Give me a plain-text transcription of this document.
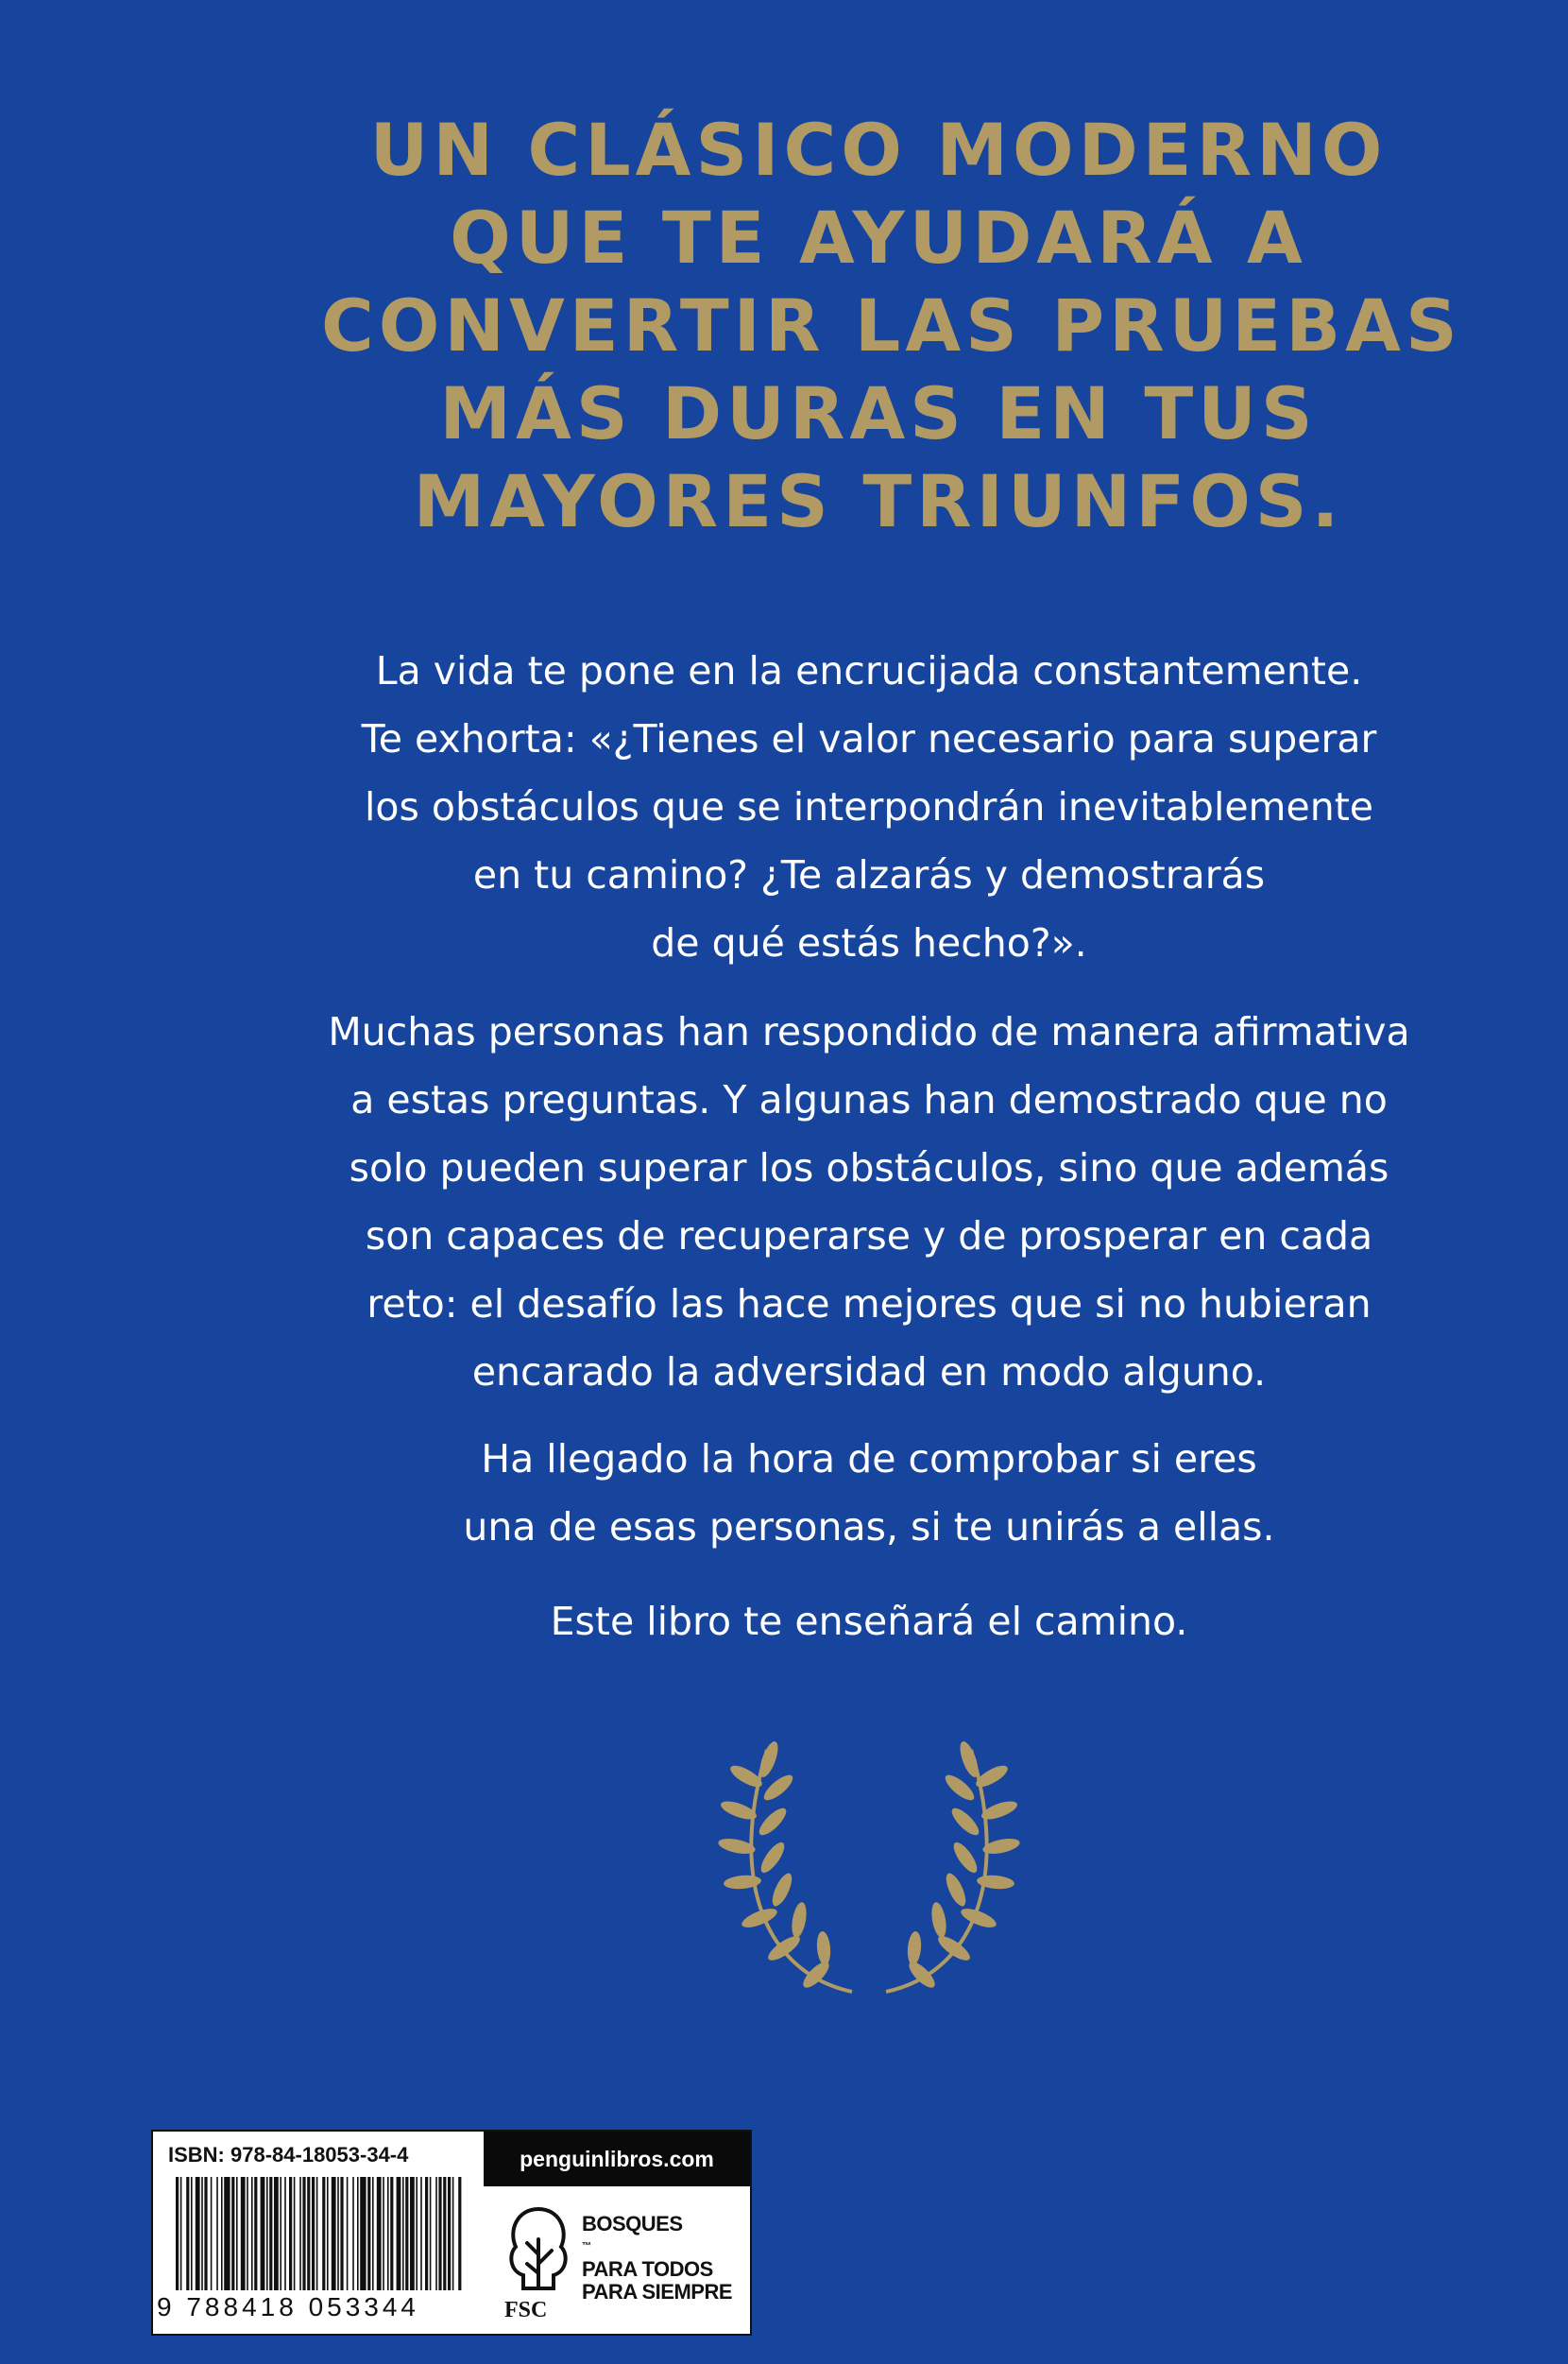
UN CLÁSICO MODERNO
QUE TE AYUDARÁ A
CONVERTIR LAS PRUEBAS
MÁS DURAS EN TUS
MAYORES TRIUNFOS.
La vida te pone en la encrucijada constantemente.
Te exhorta: «¿Tienes el valor necesario para superar
los obstáculos que se interpondrán inevitablemente
en tu camino? ¿Te alzarás y demostrarás
de qué estás hecho?».
Muchas personas han respondido de manera afirmativa
a estas preguntas. Y algunas han demostrado que no
solo pueden superar los obstáculos, sino que además
son capaces de recuperarse y de prosperar en cada
reto: el desafío las hace mejores que si no hubieran
encarado la adversidad en modo alguno.
Ha llegado la hora de comprobar si eres
una de esas personas, si te unirás a ellas.
Este libro te enseñará el camino.
ISBN: 978-84-18053-34-4
9 788418 053344
penguinlibros.com
FSC
BOSQUES
™
PARA TODOS
PARA SIEMPRE
